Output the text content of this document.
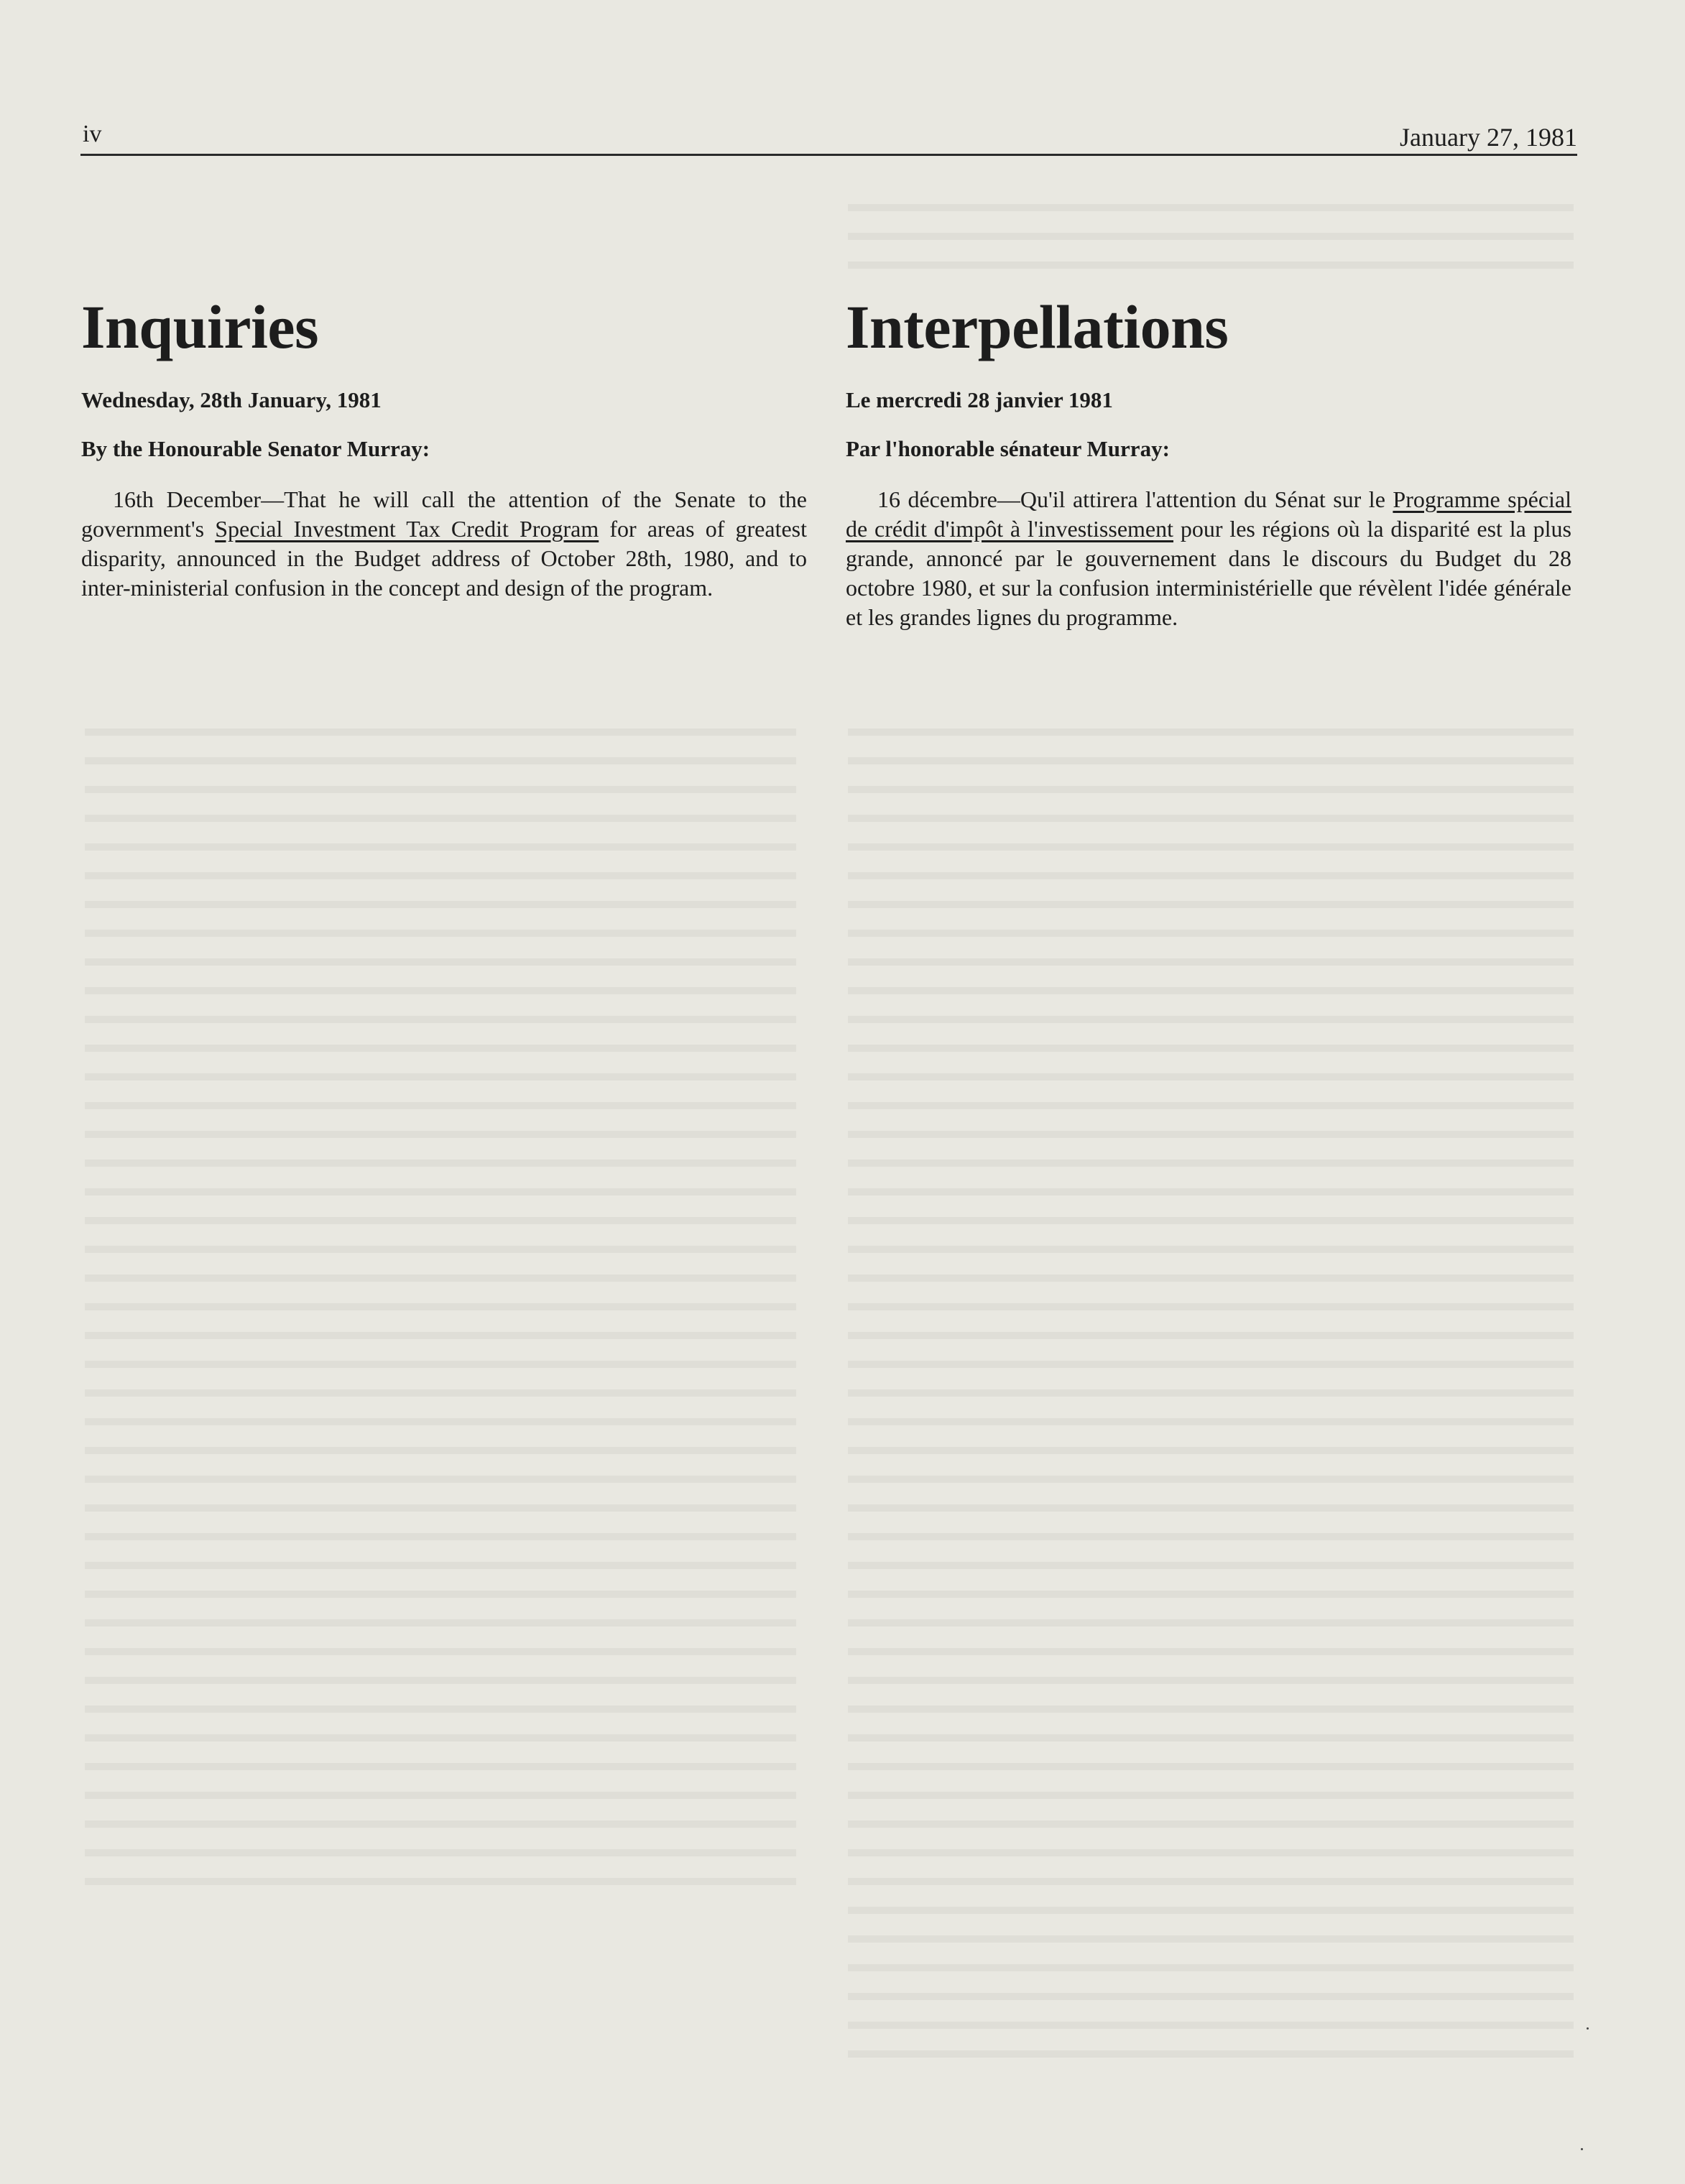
iv	January 27, 1981
Inquiries

Wednesday, 28th January, 1981

By the Honourable Senator Murray:

16th December—That he will call the attention of the Senate to the government's Special Investment Tax Credit Program for areas of greatest disparity, announced in the Budget address of October 28th, 1980, and to inter-ministerial confusion in the concept and design of the program.

Interpellations

Le mercredi 28 janvier 1981

Par l'honorable sénateur Murray:

16 décembre—Qu'il attirera l'attention du Sénat sur le Programme spécial de crédit d'impôt à l'investissement pour les régions où la disparité est la plus grande, annoncé par le gouvernement dans le discours du Budget du 28 octobre 1980, et sur la confusion interministérielle que révèlent l'idée générale et les grandes lignes du programme.
